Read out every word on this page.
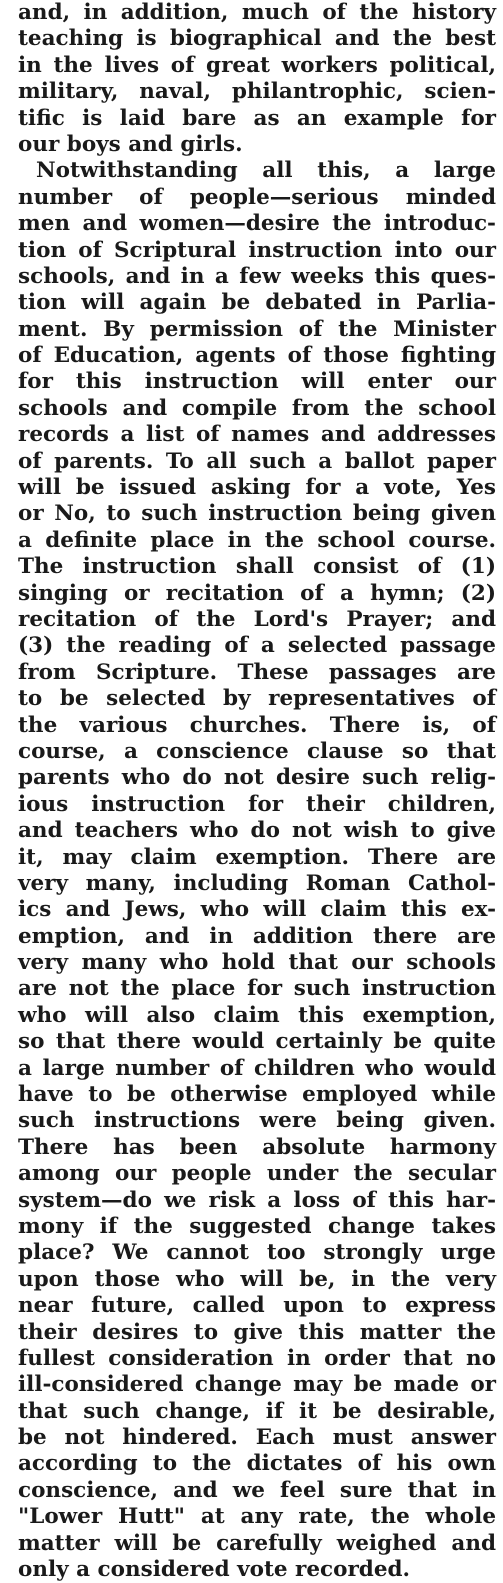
and, in addition, much of the history
teaching is biographical and the best
in the lives of great workers political,
military, naval, philantrophic, scien-
tific is laid bare as an example for
our boys and girls.
Notwithstanding all this, a large
number of people—serious minded
men and women—desire the introduc-
tion of Scriptural instruction into our
schools, and in a few weeks this ques-
tion will again be debated in Parlia-
ment. By permission of the Minister
of Education, agents of those fighting
for this instruction will enter our
schools and compile from the school
records a list of names and addresses
of parents. To all such a ballot paper
will be issued asking for a vote, Yes
or No, to such instruction being given
a definite place in the school course.
The instruction shall consist of (1)
singing or recitation of a hymn; (2)
recitation of the Lord's Prayer; and
(3) the reading of a selected passage
from Scripture. These passages are
to be selected by representatives of
the various churches. There is, of
course, a conscience clause so that
parents who do not desire such relig-
ious instruction for their children,
and teachers who do not wish to give
it, may claim exemption. There are
very many, including Roman Cathol-
ics and Jews, who will claim this ex-
emption, and in addition there are
very many who hold that our schools
are not the place for such instruction
who will also claim this exemption,
so that there would certainly be quite
a large number of children who would
have to be otherwise employed while
such instructions were being given.
There has been absolute harmony
among our people under the secular
system—do we risk a loss of this har-
mony if the suggested change takes
place? We cannot too strongly urge
upon those who will be, in the very
near future, called upon to express
their desires to give this matter the
fullest consideration in order that no
ill-considered change may be made or
that such change, if it be desirable,
be not hindered. Each must answer
according to the dictates of his own
conscience, and we feel sure that in
"Lower Hutt" at any rate, the whole
matter will be carefully weighed and
only a considered vote recorded.
